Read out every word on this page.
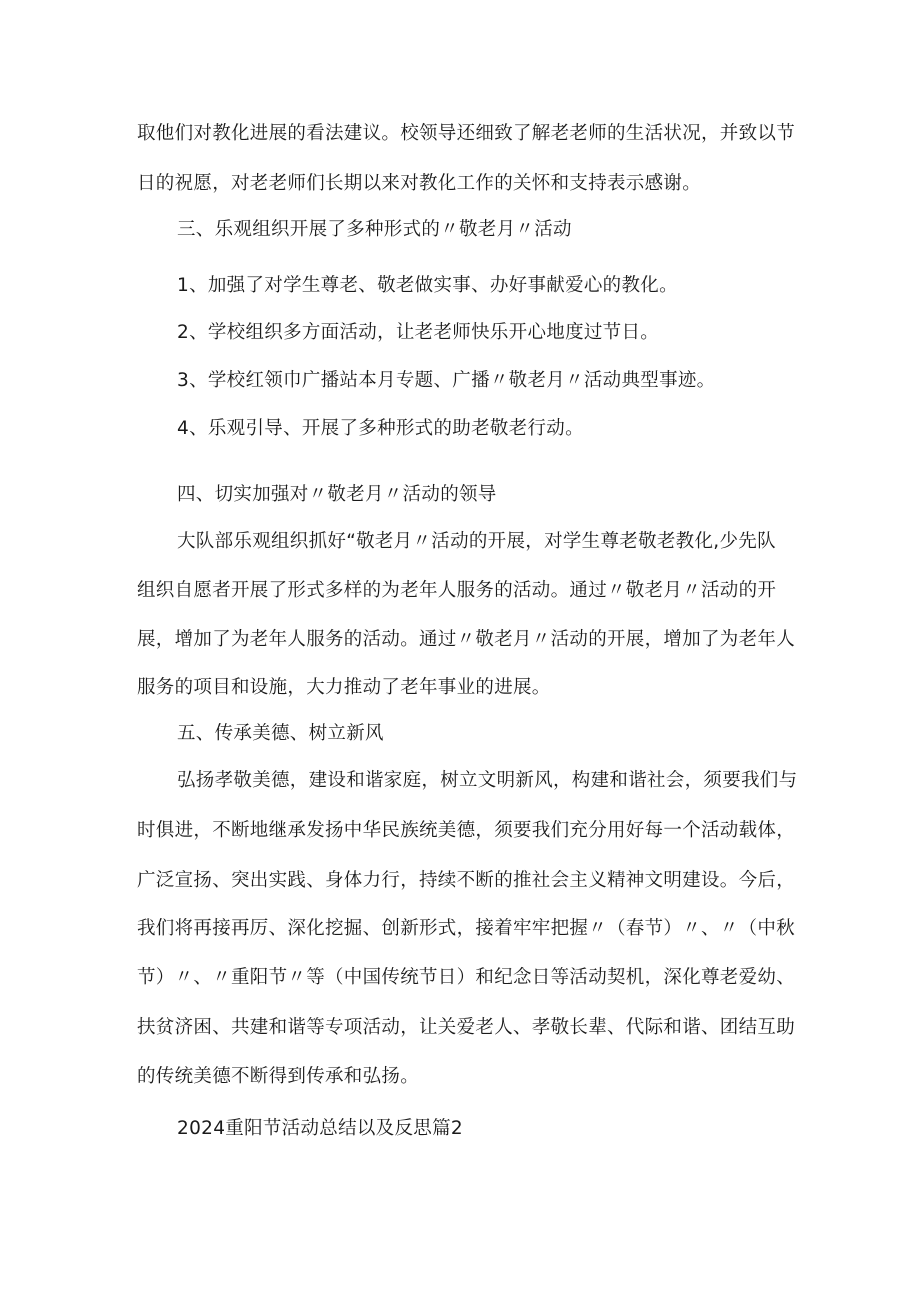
取他们对教化进展的看法建议。校领导还细致了解老老师的生活状况，并致以节
日的祝愿，对老老师们长期以来对教化工作的关怀和支持表示感谢。
三、乐观组织开展了多种形式的〃敬老月〃活动
1、加强了对学生尊老、敬老做实事、办好事献爱心的教化。
2、学校组织多方面活动，让老老师快乐开心地度过节日。
3、学校红领巾广播站本月专题、广播〃敬老月〃活动典型事迹。
4、乐观引导、开展了多种形式的助老敬老行动。
四、切实加强对〃敬老月〃活动的领导
大队部乐观组织抓好“敬老月〃活动的开展，对学生尊老敬老教化,少先队
组织自愿者开展了形式多样的为老年人服务的活动。通过〃敬老月〃活动的开
展，增加了为老年人服务的活动。通过〃敬老月〃活动的开展，增加了为老年人
服务的项目和设施，大力推动了老年事业的进展。
五、传承美德、树立新风
弘扬孝敬美德，建设和谐家庭，树立文明新风，构建和谐社会，须要我们与
时俱进，不断地继承发扬中华民族统美德，须要我们充分用好每一个活动载体，
广泛宣扬、突出实践、身体力行，持续不断的推社会主义精神文明建设。今后，
我们将再接再厉、深化挖掘、创新形式，接着牢牢把握〃（春节）〃、〃（中秋
节）〃、〃重阳节〃等（中国传统节日）和纪念日等活动契机，深化尊老爱幼、
扶贫济困、共建和谐等专项活动，让关爱老人、孝敬长辈、代际和谐、团结互助
的传统美德不断得到传承和弘扬。
2024重阳节活动总结以及反思篇2
